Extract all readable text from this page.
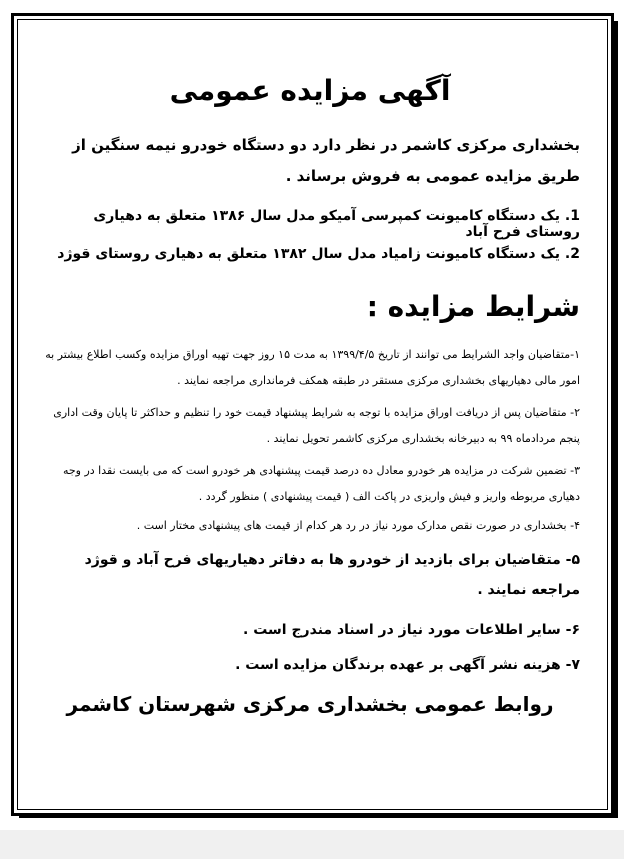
آگهی مزایده عمومی
بخشداری مرکزی کاشمر در نظر دارد دو دستگاه خودرو نیمه سنگین از طریق مزایده عمومی به فروش برساند .
1. یک دستگاه کامیونت کمپرسی آمیکو مدل سال ۱۳۸۶ متعلق به دهیاری روستای فرح آباد
2. یک دستگاه کامیونت زامیاد مدل سال ۱۳۸۲ متعلق به دهیاری روستای قوژد
شرایط مزایده :
۱-متقاضیان واجد الشرایط می توانند از تاریخ ۱۳۹۹/۴/۵ به مدت ۱۵ روز جهت تهیه اوراق مزایده وکسب اطلاع بیشتر به امور مالی دهیاریهای بخشداری مرکزی مستقر در طبقه همکف فرمانداری مراجعه نمایند .
۲- متقاضیان پس از دریافت اوراق مزایده با توجه به شرایط پیشنهاد قیمت خود را تنظیم و حداکثر تا پایان وقت اداری پنجم مردادماه ۹۹ به دبیرخانه بخشداری مرکزی کاشمر تحویل نمایند .
۳- تضمین شرکت در مزایده هر خودرو معادل ده درصد قیمت پیشنهادی هر خودرو است که می بایست نقدا در وجه دهیاری مربوطه واریز و فیش واریزی در پاکت الف ( قیمت پیشنهادی ) منظور گردد .
۴- بخشداری در صورت نقص مدارک مورد نیاز در رد هر کدام از قیمت های پیشنهادی مختار است .
۵- متقاضیان برای بازدید از خودرو ها به دفاتر دهیاریهای فرح آباد و قوژد مراجعه نمایند .
۶- سایر اطلاعات مورد نیاز در اسناد مندرج است .
۷- هزینه نشر آگهی بر عهده برندگان مزایده است .
روابط عمومی بخشداری مرکزی شهرستان کاشمر
